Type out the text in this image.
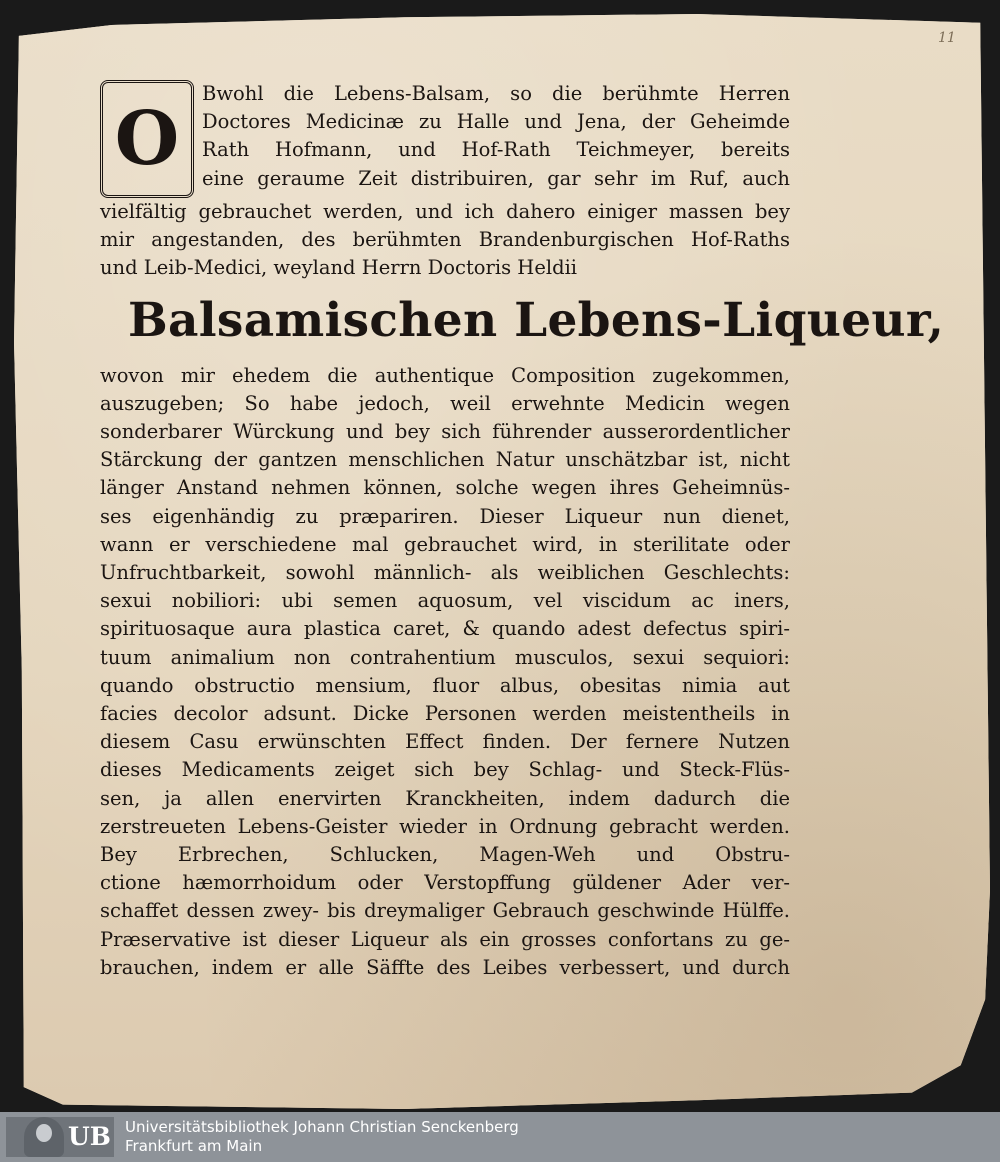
11
O
Bwohl die Lebens-Balsam, so die berühmte Herren
Doctores Medicinæ zu Halle und Jena, der Geheimde
Rath Hofmann, und Hof-Rath Teichmeyer, bereits
eine geraume Zeit distribuiren, gar sehr im Ruf, auch
vielfältig gebrauchet werden, und ich dahero einiger massen bey
mir angestanden, des berühmten Brandenburgischen Hof-Raths
und Leib-Medici, weyland Herrn Doctoris Heldii
Balsamischen Lebens-Liqueur,
wovon mir ehedem die authentique Composition zugekommen,
auszugeben; So habe jedoch, weil erwehnte Medicin wegen
sonderbarer Würckung und bey sich führender ausserordentlicher
Stärckung der gantzen menschlichen Natur unschätzbar ist, nicht
länger Anstand nehmen können, solche wegen ihres Geheimnüs-
ses eigenhändig zu præpariren. Dieser Liqueur nun dienet,
wann er verschiedene mal gebrauchet wird, in sterilitate oder
Unfruchtbarkeit, sowohl männlich- als weiblichen Geschlechts:
sexui nobiliori: ubi semen aquosum, vel viscidum ac iners,
spirituosaque aura plastica caret, & quando adest defectus spiri-
tuum animalium non contrahentium musculos, sexui sequiori:
quando obstructio mensium, fluor albus, obesitas nimia aut
facies decolor adsunt. Dicke Personen werden meistentheils in
diesem Casu erwünschten Effect finden. Der fernere Nutzen
dieses Medicaments zeiget sich bey Schlag- und Steck-Flüs-
sen, ja allen enervirten Kranckheiten, indem dadurch die
zerstreueten Lebens-Geister wieder in Ordnung gebracht werden.
Bey Erbrechen, Schlucken, Magen-Weh und Obstru-
ctione hæmorrhoidum oder Verstopffung güldener Ader ver-
schaffet dessen zwey- bis dreymaliger Gebrauch geschwinde Hülffe.
Præservative ist dieser Liqueur als ein grosses confortans zu ge-
brauchen, indem er alle Säffte des Leibes verbessert, und durch
UB Universitätsbibliothek Johann Christian Senckenberg
Frankfurt am Main
